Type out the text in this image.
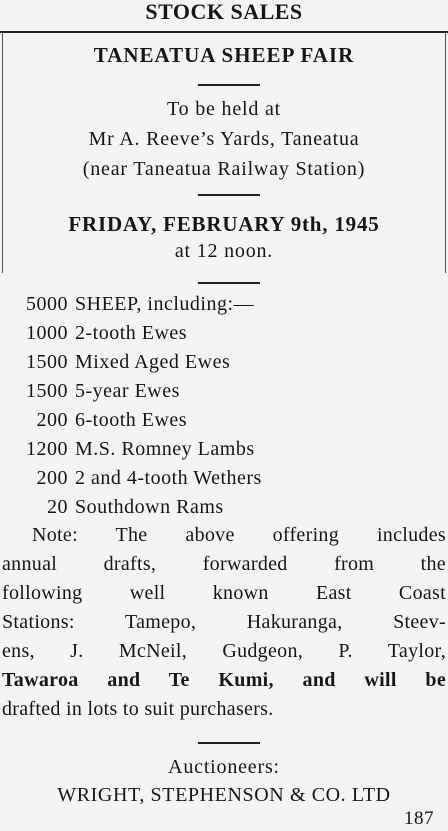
STOCK SALES
TANEATUA SHEEP FAIR
To be held at
Mr A. Reeve’s Yards, Taneatua
(near Taneatua Railway Station)
FRIDAY, FEBRUARY 9th, 1945
at 12 noon.
5000 SHEEP, including:—
1000 2-tooth Ewes
1500 Mixed Aged Ewes
1500 5-year Ewes
200 6-tooth Ewes
1200 M.S. Romney Lambs
200 2 and 4-tooth Wethers
20 Southdown Rams
Note: The above offering includes
annual drafts, forwarded from the
following well known East Coast
Stations: Tamepo, Hakuranga, Steev-
ens, J. McNeil, Gudgeon, P. Taylor,
Tawaroa and Te Kumi, and will be
drafted in lots to suit purchasers.
Auctioneers:
WRIGHT, STEPHENSON & CO. LTD
187
